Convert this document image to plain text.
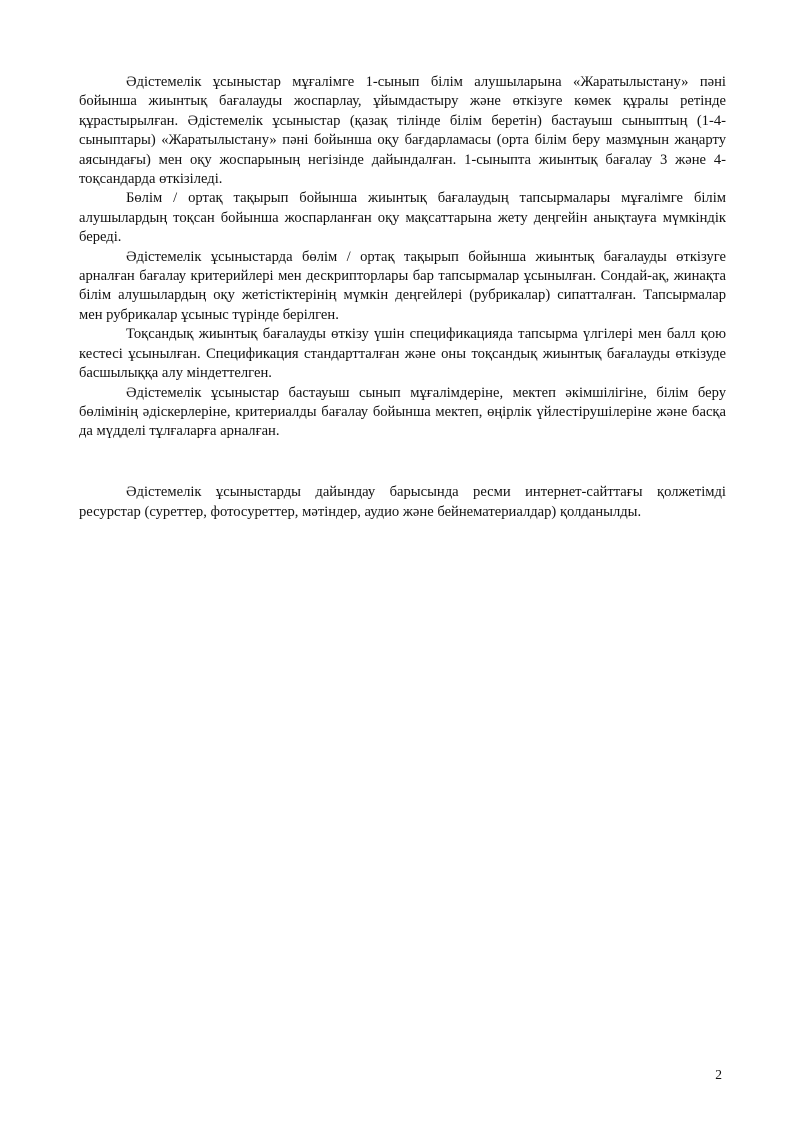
Әдістемелік ұсыныстар мұғалімге 1-сынып білім алушыларына «Жаратылыстану» пәні бойынша жиынтық бағалауды жоспарлау, ұйымдастыру және өткізуге көмек құралы ретінде құрастырылған. Әдістемелік ұсыныстар (қазақ тілінде білім беретін) бастауыш сыныптың (1-4-сыныптары) «Жаратылыстану» пәні бойынша оқу бағдарламасы (орта білім беру мазмұнын жаңарту аясындағы) мен оқу жоспарының негізінде дайындалған. 1-сыныпта жиынтық бағалау 3 және 4-тоқсандарда өткізіледі.

Бөлім / ортақ тақырып бойынша жиынтық бағалаудың тапсырмалары мұғалімге білім алушылардың тоқсан бойынша жоспарланған оқу мақсаттарына жету деңгейін анықтауға мүмкіндік береді.

Әдістемелік ұсыныстарда бөлім / ортақ тақырып бойынша жиынтық бағалауды өткізуге арналған бағалау критерийлері мен дескрипторлары бар тапсырмалар ұсынылған. Сондай-ақ, жинақта білім алушылардың оқу жетістіктерінің мүмкін деңгейлері (рубрикалар) сипатталған. Тапсырмалар мен рубрикалар ұсыныс түрінде берілген.

Тоқсандық жиынтық бағалауды өткізу үшін спецификацияда тапсырма үлгілері мен балл қою кестесі ұсынылған. Спецификация стандартталған және оны тоқсандық жиынтық бағалауды өткізуде басшылыққа алу міндеттелген.

Әдістемелік ұсыныстар бастауыш сынып мұғалімдеріне, мектеп әкімшілігіне, білім беру бөлімінің әдіскерлеріне, критериалды бағалау бойынша мектеп, өңірлік үйлестірушілеріне және басқа да мүдделі тұлғаларға арналған.

Әдістемелік ұсыныстарды дайындау барысында ресми интернет-сайттағы қолжетімді ресурстар (суреттер, фотосуреттер, мәтіндер, аудио және бейнематериалдар) қолданылды.

2
